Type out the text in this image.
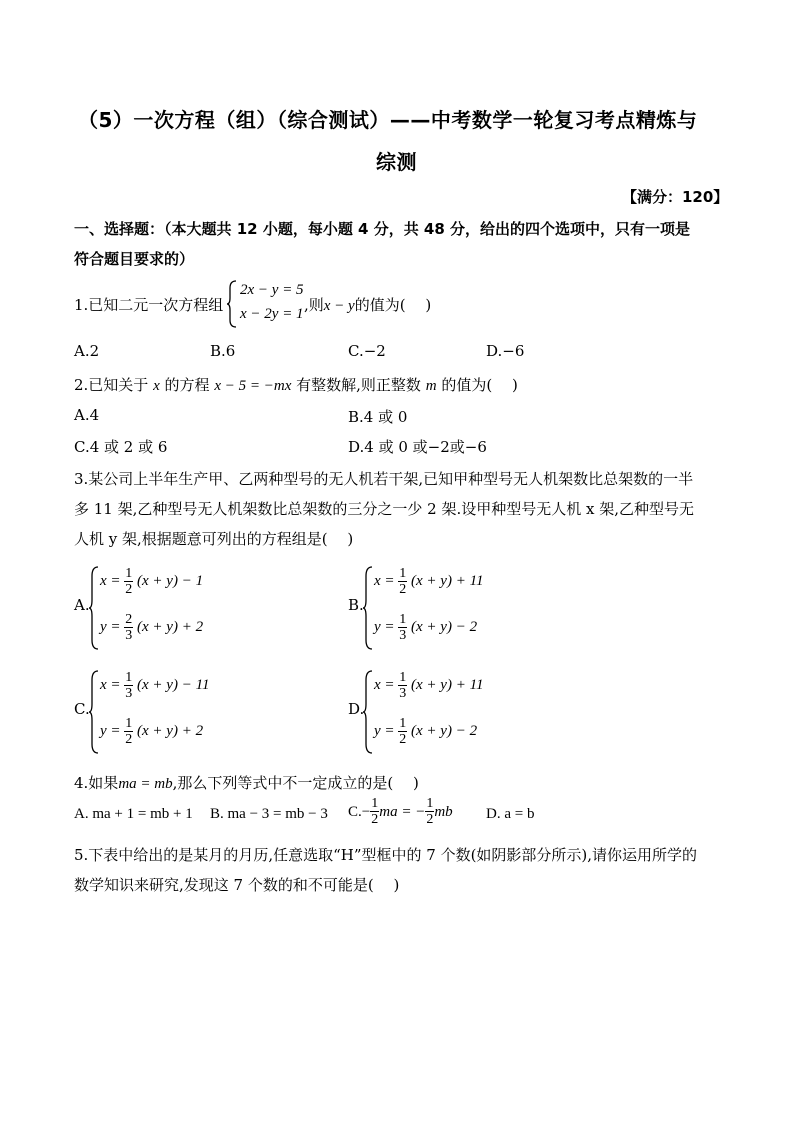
（5）一次方程（组）（综合测试）——中考数学一轮复习考点精炼与
综测
【满分：120】
一、选择题：（本大题共 12 小题，每小题 4 分，共 48 分，给出的四个选项中，只有一项是
符合题目要求的）
1.已知二元一次方程组
2x − y = 5
x − 2y = 1 ,则x − y的值为(　 )
A.2	B.6	C.−2	D.−6
2.已知关于 x 的方程 x − 5 = −mx 有整数解,则正整数 m 的值为(　 )
A.4	B.4 或 0
C.4 或 2 或 6	D.4 或 0 或−2或−6
3.某公司上半年生产甲、乙两种型号的无人机若干架,已知甲种型号无人机架数比总架数的一半
多 11 架,乙种型号无人机架数比总架数的三分之一少 2 架.设甲种型号无人机 x 架,乙种型号无
人机 y 架,根据题意可列出的方程组是(　 )
A.
$x = \frac{1}{2} (x + y) - 1$
$y = \frac{2}{3} (x + y) + 2$
B.
$x = \frac{1}{2} (x + y) + 11$
$y = \frac{1}{3} (x + y) - 2$
C.
$x = \frac{1}{3} (x + y) - 11$
$y = \frac{1}{2} (x + y) + 2$
D.
$x = \frac{1}{3} (x + y) + 11$
$y = \frac{1}{2} (x + y) - 2$
4.如果ma = mb,那么下列等式中不一定成立的是(　 )
A. ma + 1 = mb + 1 B. ma − 3 = mb − 3 $C.- \frac{1}{2}$ ma = − $\frac{1}{2}$ mb D. a = b
5.下表中给出的是某月的月历,任意选取“H”型框中的 7 个数(如阴影部分所示),请你运用所学的
数学知识来研究,发现这 7 个数的和不可能是(　 )
